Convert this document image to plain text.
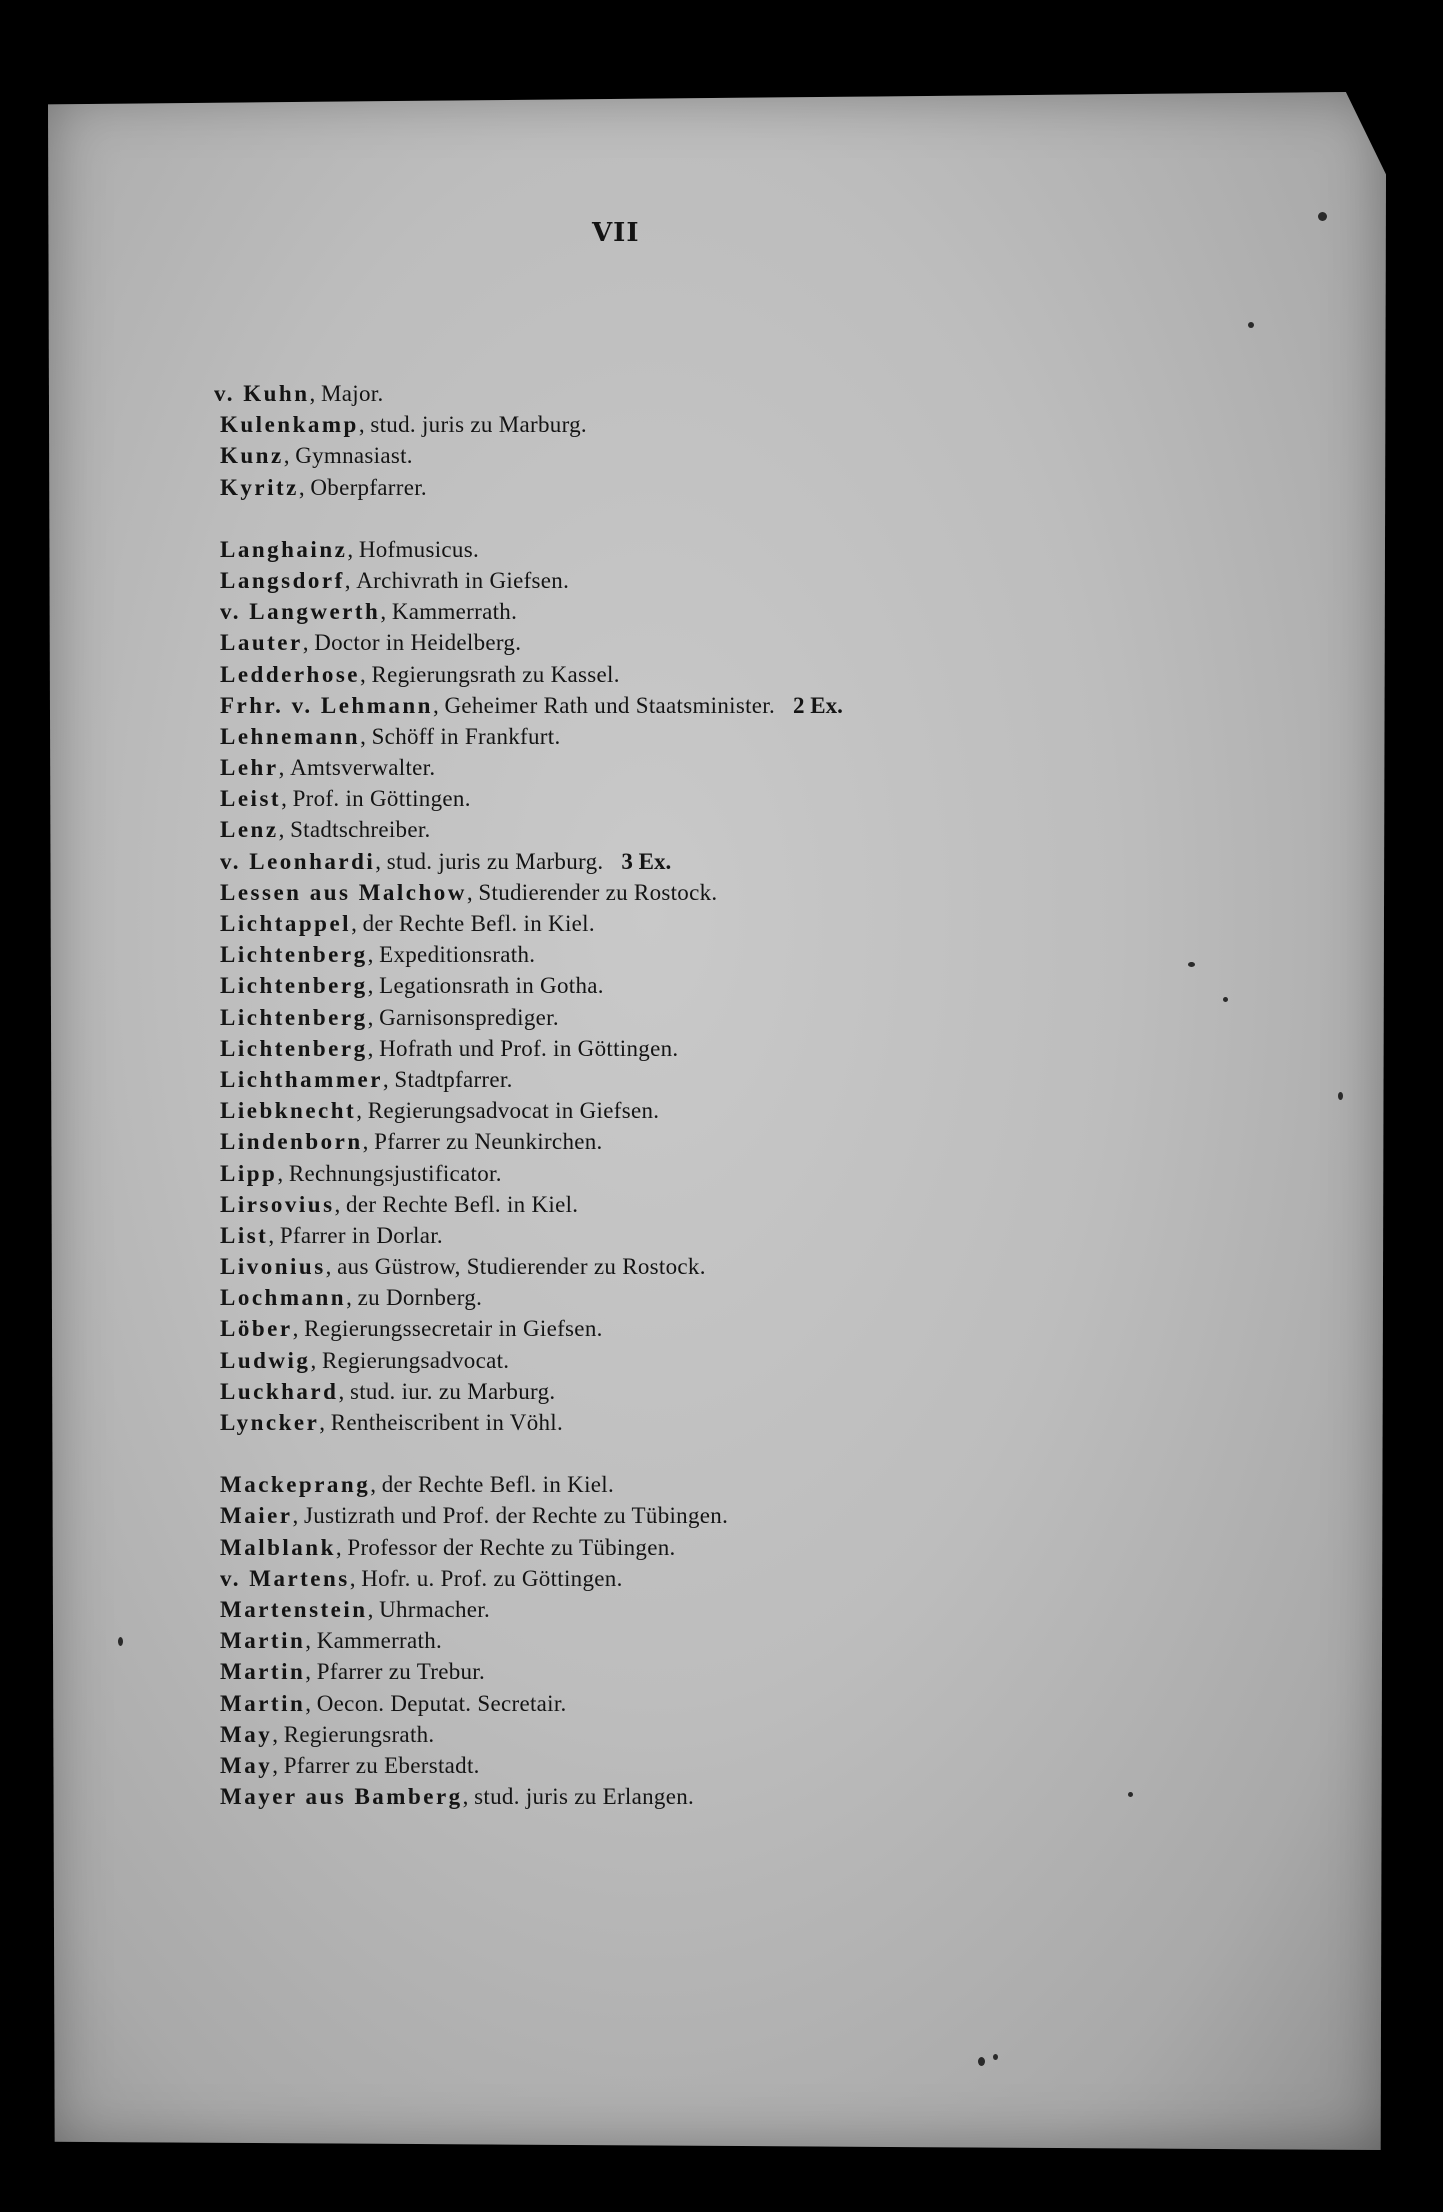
VII
v. Kuhn, Major.
Kulenkamp, stud. juris zu Marburg.
Kunz, Gymnasiast.
Kyritz, Oberpfarrer.
Langhainz, Hofmusicus.
Langsdorf, Archivrath in Giefsen.
v. Langwerth, Kammerrath.
Lauter, Doctor in Heidelberg.
Ledderhose, Regierungsrath zu Kassel.
Frhr. v. Lehmann, Geheimer Rath und Staatsminister. 2 Ex.
Lehnemann, Schöff in Frankfurt.
Lehr, Amtsverwalter.
Leist, Prof. in Göttingen.
Lenz, Stadtschreiber.
v. Leonhardi, stud. juris zu Marburg. 3 Ex.
Lessen aus Malchow, Studierender zu Rostock.
Lichtappel, der Rechte Befl. in Kiel.
Lichtenberg, Expeditionsrath.
Lichtenberg, Legationsrath in Gotha.
Lichtenberg, Garnisonsprediger.
Lichtenberg, Hofrath und Prof. in Göttingen.
Lichthammer, Stadtpfarrer.
Liebknecht, Regierungsadvocat in Giefsen.
Lindenborn, Pfarrer zu Neunkirchen.
Lipp, Rechnungsjustificator.
Lirsovius, der Rechte Befl. in Kiel.
List, Pfarrer in Dorlar.
Livonius, aus Güstrow, Studierender zu Rostock.
Lochmann, zu Dornberg.
Löber, Regierungssecretair in Giefsen.
Ludwig, Regierungsadvocat.
Luckhard, stud. iur. zu Marburg.
Lyncker, Rentheiscribent in Vöhl.
Mackeprang, der Rechte Befl. in Kiel.
Maier, Justizrath und Prof. der Rechte zu Tübingen.
Malblank, Professor der Rechte zu Tübingen.
v. Martens, Hofr. u. Prof. zu Göttingen.
Martenstein, Uhrmacher.
Martin, Kammerrath.
Martin, Pfarrer zu Trebur.
Martin, Oecon. Deputat. Secretair.
May, Regierungsrath.
May, Pfarrer zu Eberstadt.
Mayer aus Bamberg, stud. juris zu Erlangen.
